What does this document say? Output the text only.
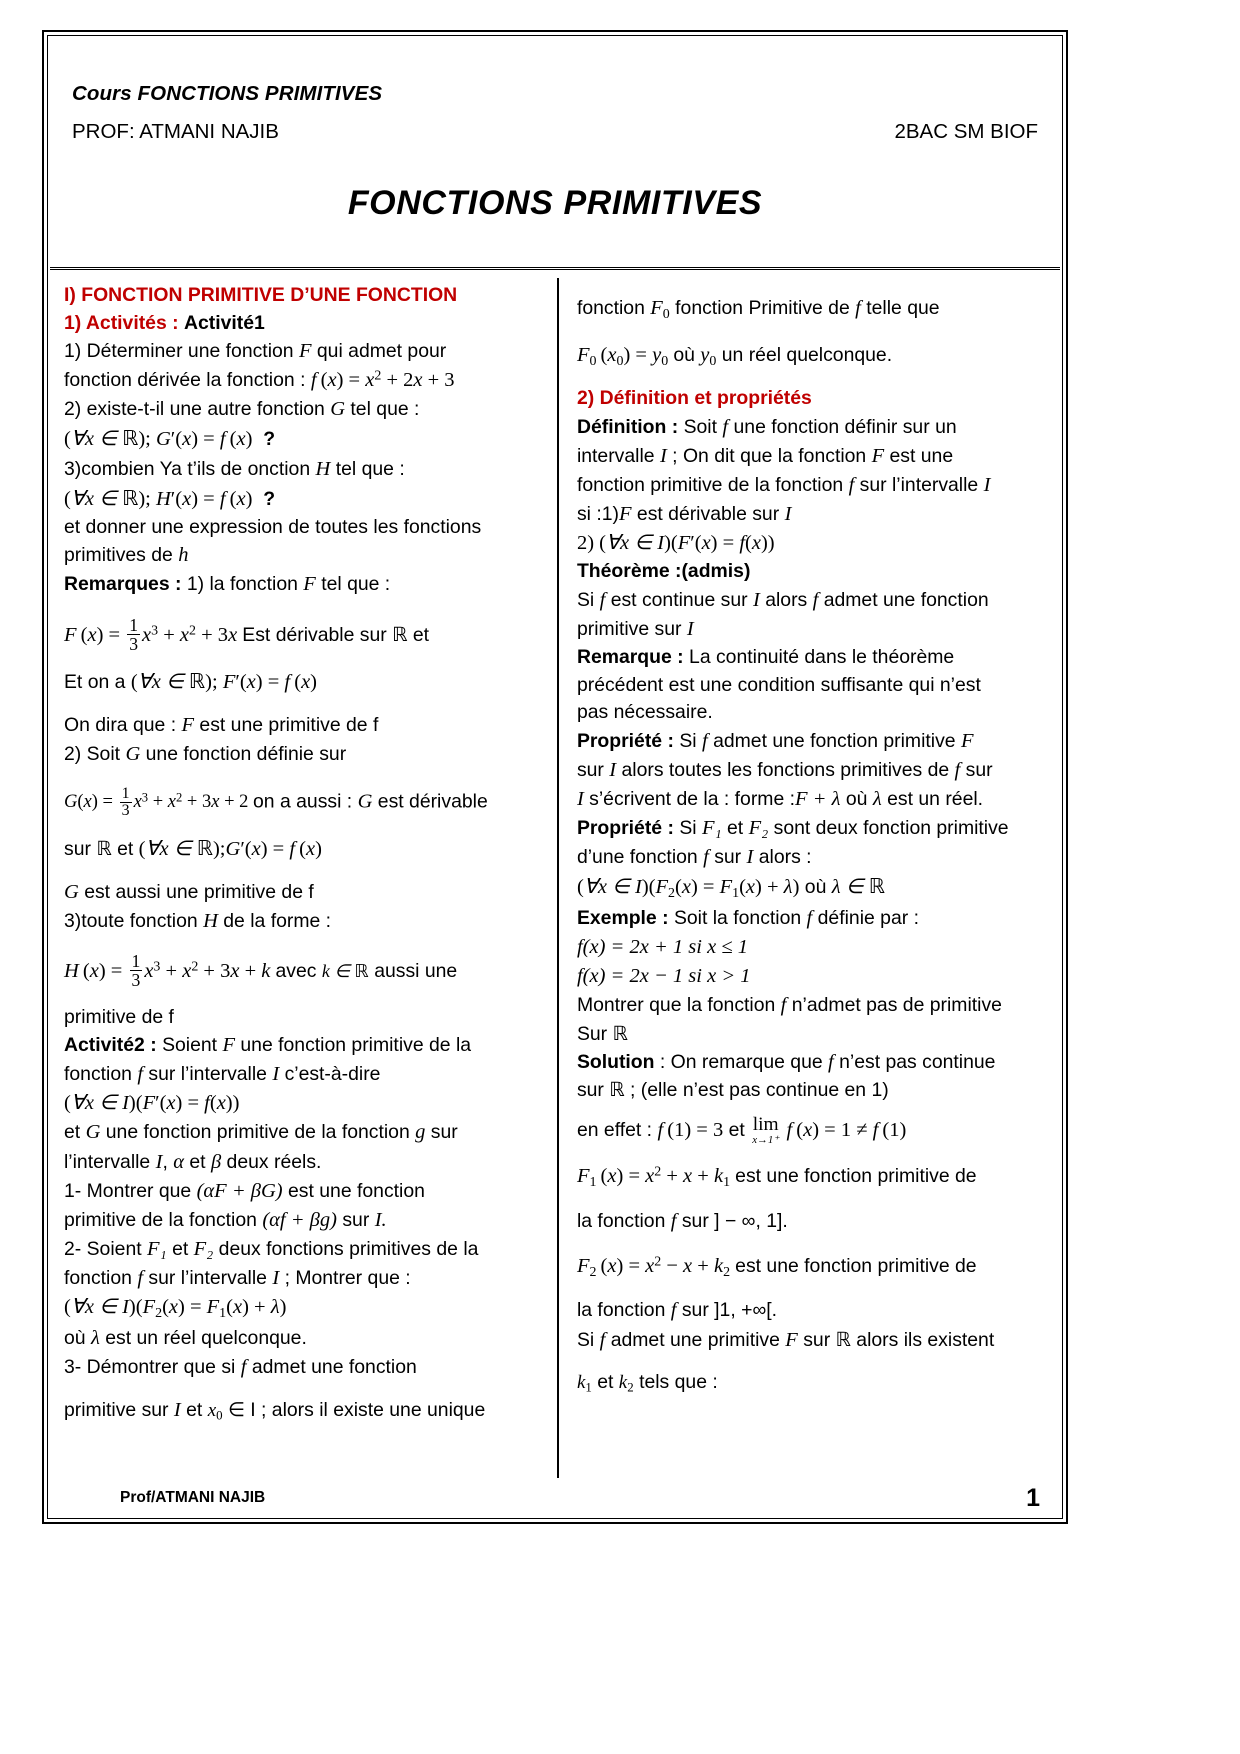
Cours FONCTIONS PRIMITIVES
PROF: ATMANI NAJIB	2BAC SM BIOF
FONCTIONS PRIMITIVES

I) FONCTION PRIMITIVE D’UNE FONCTION

1) Activités : Activité1

1) Déterminer une fonction F qui admet pour

fonction dérivée la fonction : f $(x) = x^2 + 2x + 3$

2) existe-t-il une autre fonction G tel que :

(∀x ∈ ℝ); G′(x) = f (x)  ?

3)combien Ya t’ils de onction H tel que :

(∀x ∈ ℝ); H′(x) = f (x)  ?

et donner une expression de toutes les fonctions

primitives de h

Remarques : 1) la fonction F tel que :

F $(x) = \frac{1}{3} x^3 + x^2 + 3x$ Est dérivable sur ℝ et

Et on a (∀x ∈ ℝ); F′(x) = f (x)

On dira que : F est une primitive de f

2) Soit G une fonction définie sur

$G(x) = \frac{1}{3} x^3 + x^2 + 3x + 2$ on a aussi : G est dérivable

sur ℝ et (∀x ∈ ℝ);G′(x) = f (x)

G est aussi une primitive de f

3)toute fonction H de la forme :

H $(x) = \frac{1}{3} x^3 + x^2 + 3x + k$ avec k ∈ ℝ aussi une

primitive de f

Activité2 : Soient F une fonction primitive de la

fonction f sur l’intervalle I c’est-à-dire

(∀x ∈ I)(F′(x) = f(x))

et G une fonction primitive de la fonction g sur

l’intervalle I, α et β deux réels.

1- Montrer que (αF + βG) est une fonction

primitive de la fonction (αf + βg) sur I.

2- Soient F₁ et F₂ deux fonctions primitives de la

fonction f sur l’intervalle I ; Montrer que :

(∀x ∈ I)(F2(x) = F1(x) + λ)

où λ est un réel quelconque.

3- Démontrer que si f admet une fonction

primitive sur I et x0 ∈ I ; alors il existe une unique

fonction F0 fonction Primitive de f telle que

F0 (x0) = y0 où y0 un réel quelconque.

2) Définition et propriétés

Définition : Soit f une fonction définir sur un

intervalle I ; On dit que la fonction F est une

fonction primitive de la fonction f sur l’intervalle I

si :1)F est dérivable sur I

2) (∀x ∈ I)(F′(x) = f(x))

Théorème :(admis)

Si f est continue sur I alors f admet une fonction

primitive sur I

Remarque : La continuité dans le théorème

précédent est une condition suffisante qui n’est

pas nécessaire.

Propriété : Si f admet une fonction primitive F

sur I alors toutes les fonctions primitives de f sur

I s’écrivent de la : forme :F + λ où λ est un réel.

Propriété : Si F₁ et F₂ sont deux fonction primitive

d’une fonction f sur I alors :

(∀x ∈ I)(F2(x) = F1(x) + λ) où λ ∈ ℝ

Exemple : Soit la fonction f définie par :

f(x) = 2x + 1 si x ≤ 1

f(x) = 2x − 1 si x > 1

Montrer que la fonction f n’admet pas de primitive

Sur ℝ

Solution : On remarque que f n’est pas continue

sur ℝ ; (elle n’est pas continue en 1)

en effet : f (1) = 3 et lim
x→1⁺ f (x) = 1 ≠ f (1)

F1 $(x) = x^2 + x + k1$ est une fonction primitive de

la fonction f sur ] − ∞, 1].

F2 $(x) = x^2 - x + k2$ est une fonction primitive de

la fonction f sur ]1, +∞[.

Si f admet une primitive F sur ℝ alors ils existent

k1 et k2 tels que :

Prof/ATMANI NAJIB	1
